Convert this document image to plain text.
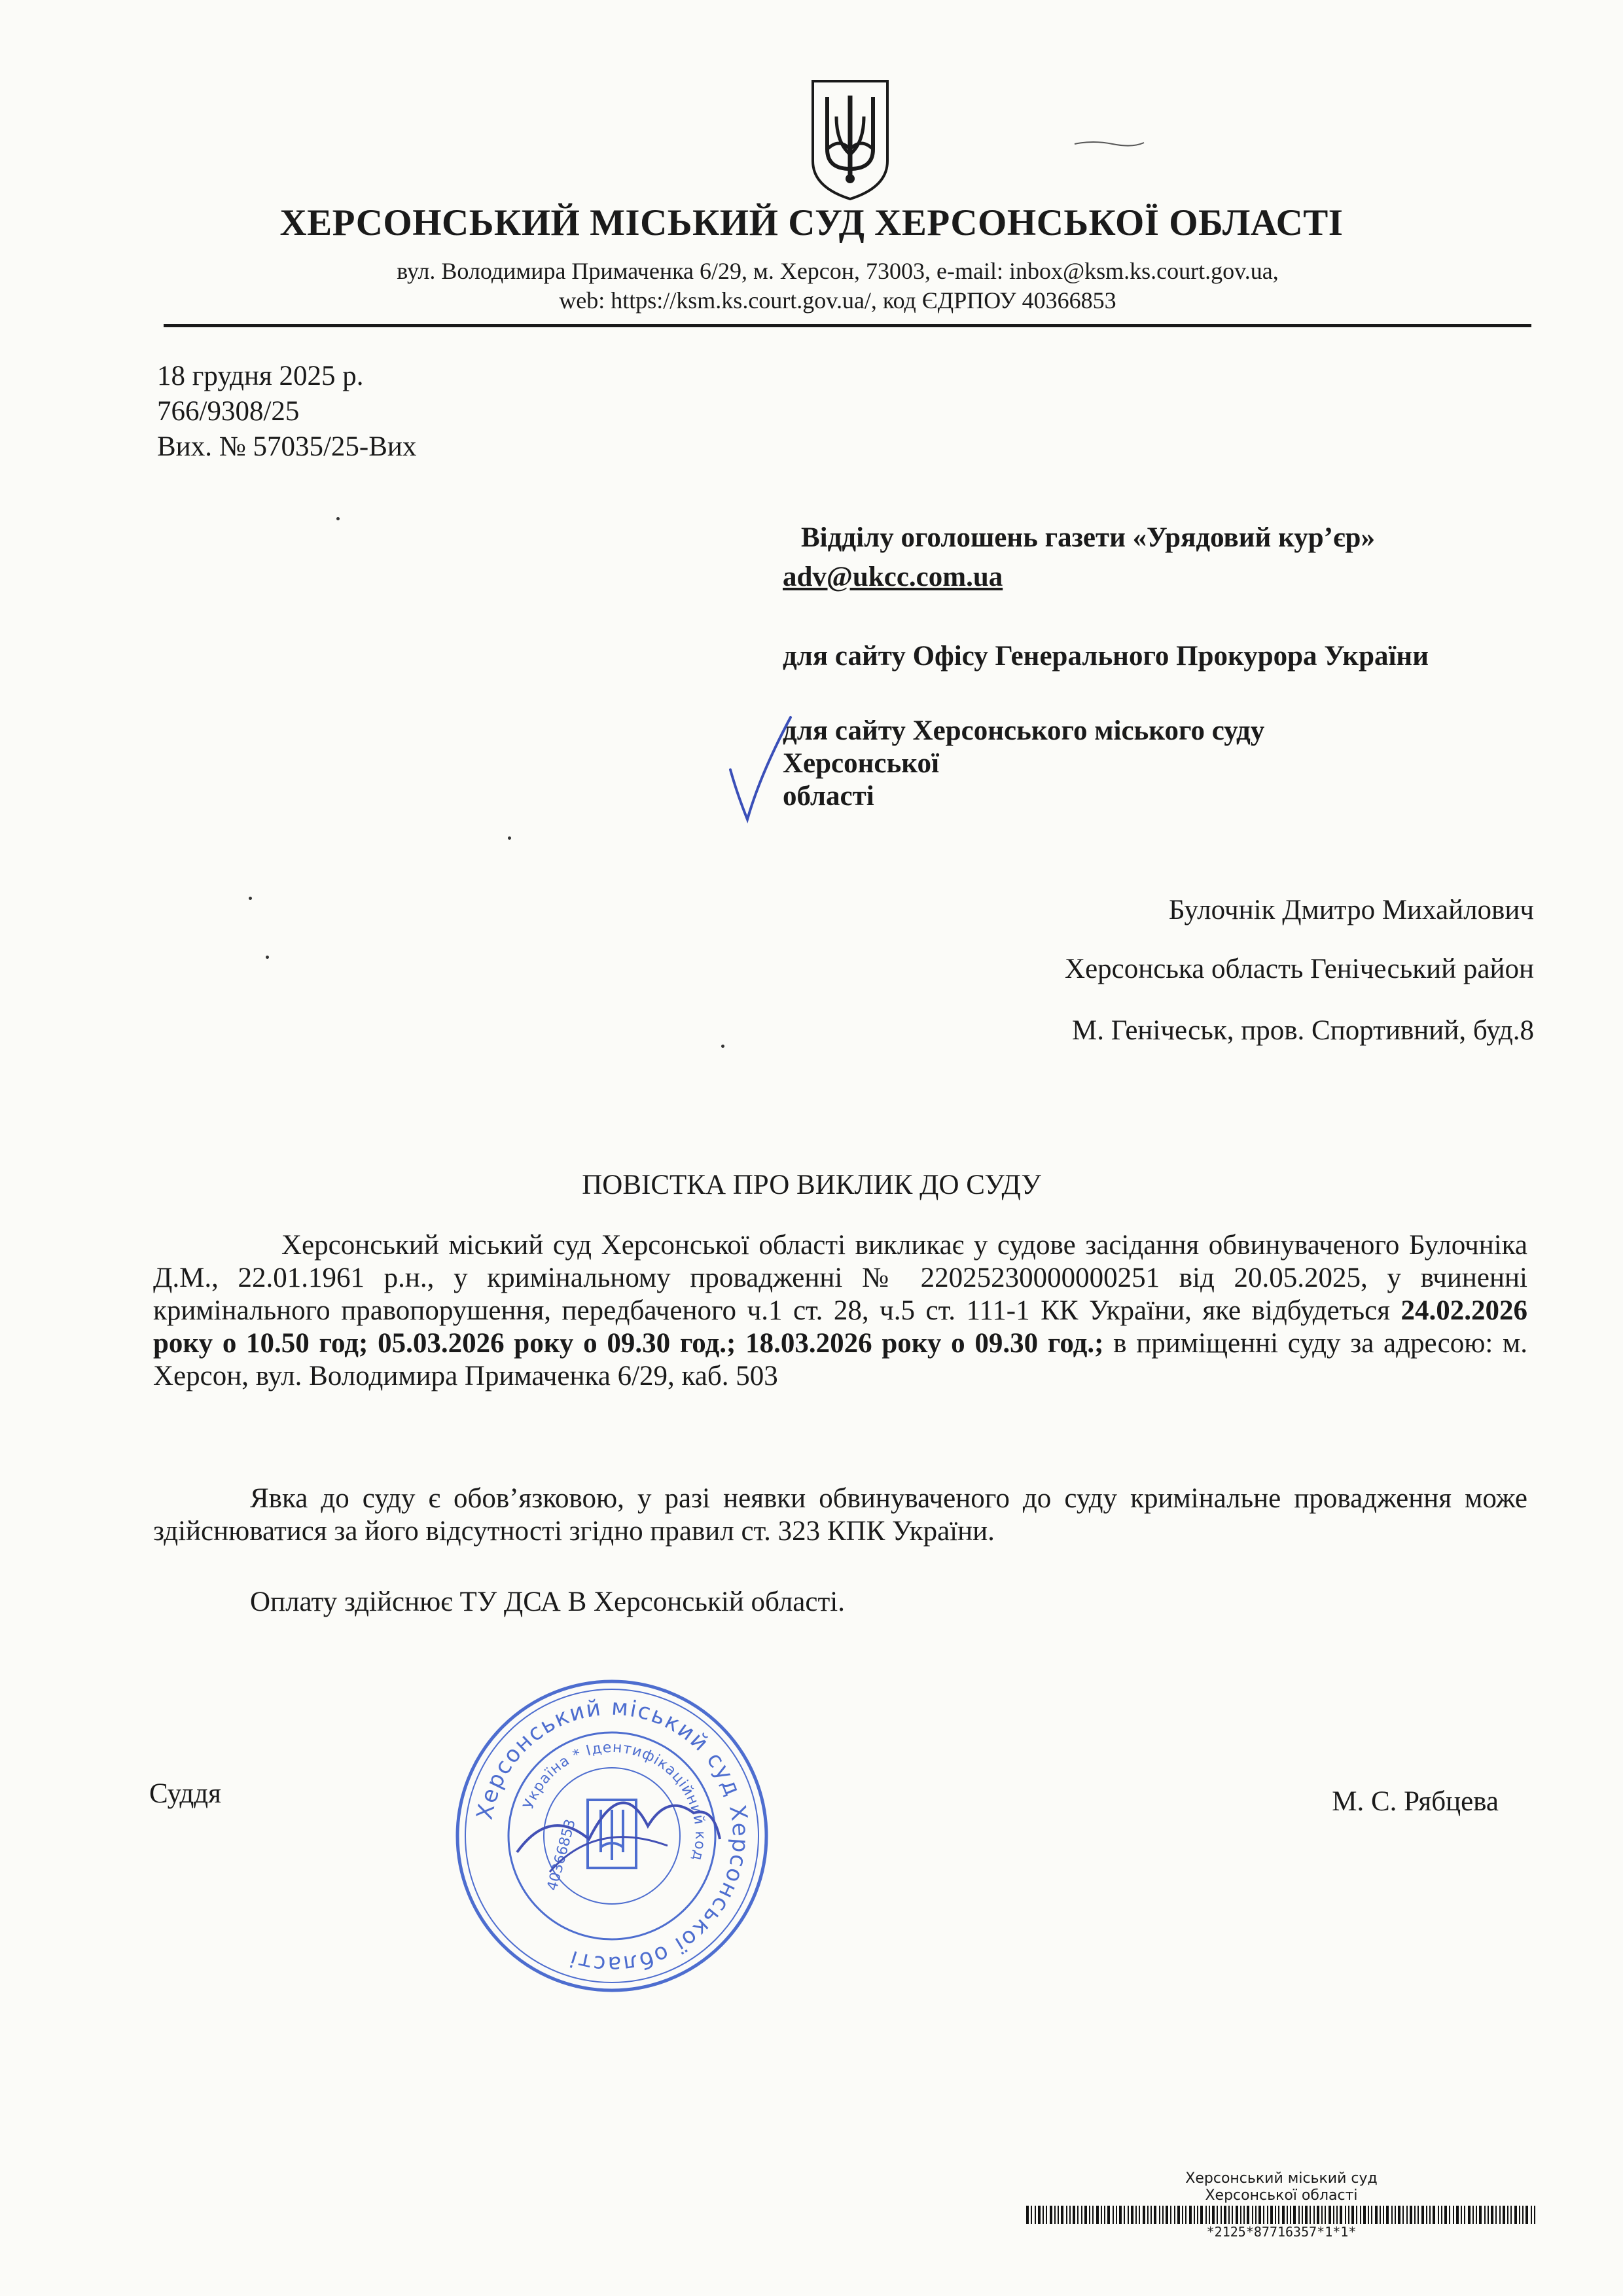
ХЕРСОНСЬКИЙ МІСЬКИЙ СУД ХЕРСОНСЬКОЇ ОБЛАСТІ
вул. Володимира Примаченка 6/29, м. Херсон, 73003, e-mail: inbox@ksm.ks.court.gov.ua,
web: https://ksm.ks.court.gov.ua/, код ЄДРПОУ 40366853
18 грудня 2025 р.
766/9308/25
Вих. № 57035/25-Вих
Відділу оголошень газети «Урядовий кур’єр»
adv@ukcc.com.ua
для сайту Офісу Генерального Прокурора України
для сайту Херсонського міського суду
Херсонської
області
Булочнік Дмитро Михайлович
Херсонська область Генічеський район
М. Генічеськ, пров. Спортивний, буд.8
ПОВІСТКА ПРО ВИКЛИК ДО СУДУ
Херсонський міський суд Херсонської області викликає у судове засідання обвинуваченого Булочніка Д.М., 22.01.1961 р.н., у кримінальному провадженні № 22025230000000251 від 20.05.2025, у вчиненні кримінального правопорушення, передбаченого ч.1 ст. 28, ч.5 ст. 111-1 КК України, яке відбудеться 24.02.2026 року о 10.50 год; 05.03.2026 року о 09.30 год.; 18.03.2026 року о 09.30 год.; в приміщенні суду за адресою: м. Херсон, вул. Володимира Примаченка 6/29, каб. 503
Явка до суду є обов’язковою, у разі неявки обвинуваченого до суду кримінальне провадження може здійснюватися за його відсутності згідно правил ст. 323 КПК України.
Оплату здійснює ТУ ДСА В Херсонській області.
Суддя	М. С. Рябцева
Херсонський міський суд Херсонської області
Україна * Ідентифікаційний код
40366853
Херсонський міський суд
Херсонської області
*2125*87716357*1*1*
